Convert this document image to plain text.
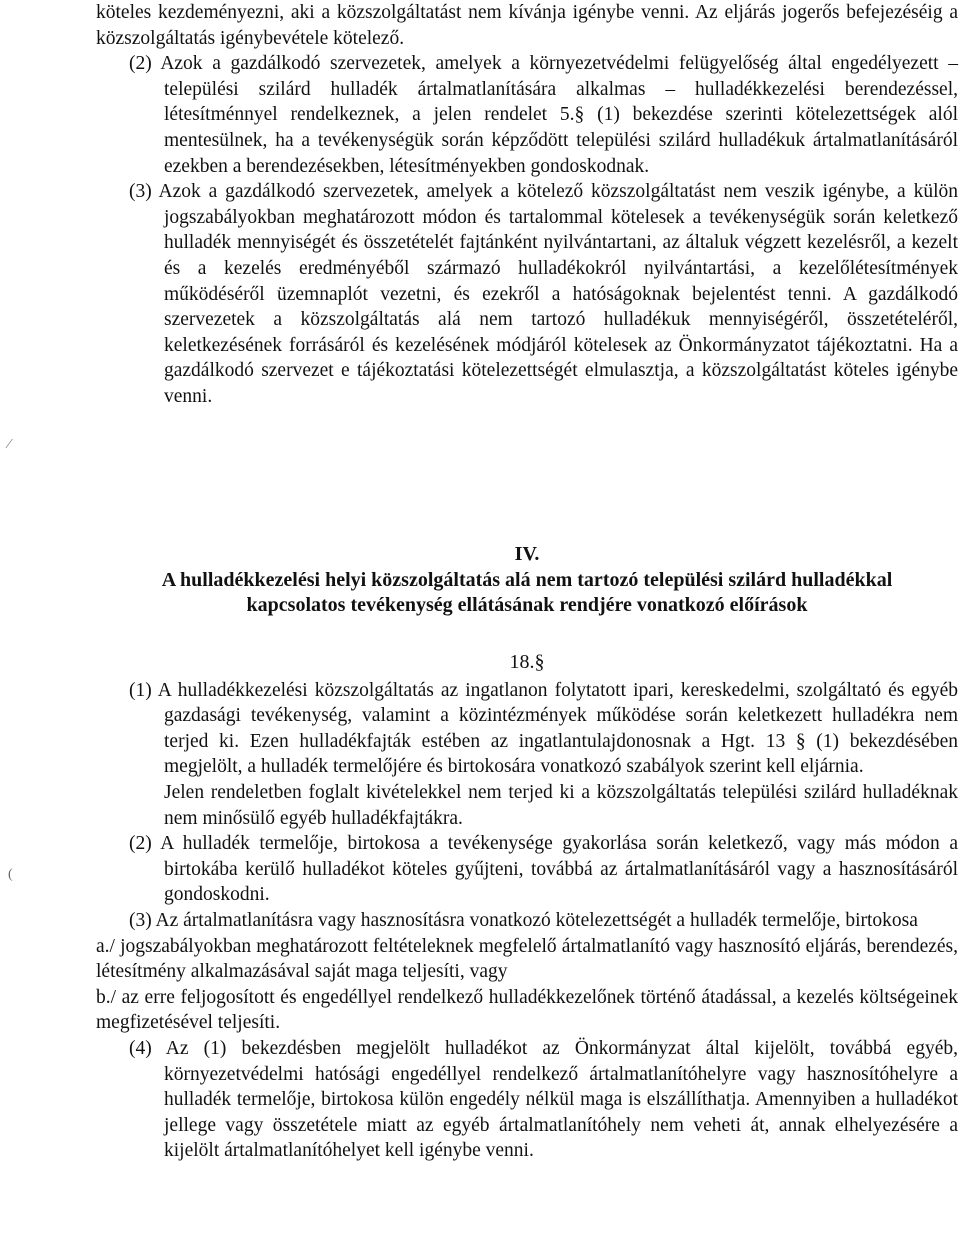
⁄
(

köteles kezdeményezni, aki a közszolgáltatást nem kívánja igénybe venni. Az eljárás jogerős befejezéséig a közszolgáltatás igénybevétele kötelező.

(2) Azok a gazdálkodó szervezetek, amelyek a környezetvédelmi felügyelőség által engedélyezett – települési szilárd hulladék ártalmatlanítására alkalmas – hulladékkezelési berendezéssel, létesítménnyel rendelkeznek, a jelen rendelet 5.§ (1) bekezdése szerinti kötelezettségek alól mentesülnek, ha a tevékenységük során képződött települési szilárd hulladékuk ártalmatlanításáról ezekben a berendezésekben, létesítményekben gondoskodnak.

(3) Azok a gazdálkodó szervezetek, amelyek a kötelező közszolgáltatást nem veszik igénybe, a külön jogszabályokban meghatározott módon és tartalommal kötelesek a tevékenységük során keletkező hulladék mennyiségét és összetételét fajtánként nyilvántartani, az általuk végzett kezelésről, a kezelt és a kezelés eredményéből származó hulladékokról nyilvántartási, a kezelőlétesítmények működéséről üzemnaplót vezetni, és ezekről a hatóságoknak bejelentést tenni. A gazdálkodó szervezetek a közszolgáltatás alá nem tartozó hulladékuk mennyiségéről, összetételéről, keletkezésének forrásáról és kezelésének módjáról kötelesek az Önkormányzatot tájékoztatni. Ha a gazdálkodó szervezet e tájékoztatási kötelezettségét elmulasztja, a közszolgáltatást köteles igénybe venni.

IV.
A hulladékkezelési helyi közszolgáltatás alá nem tartozó települési szilárd hulladékkal kapcsolatos tevékenység ellátásának rendjére vonatkozó előírások
18.§

(1) A hulladékkezelési közszolgáltatás az ingatlanon folytatott ipari, kereskedelmi, szolgáltató és egyéb gazdasági tevékenység, valamint a közintézmények működése során keletkezett hulladékra nem terjed ki. Ezen hulladékfajták estében az ingatlantulajdonosnak a Hgt. 13 § (1) bekezdésében megjelölt, a hulladék termelőjére és birtokosára vonatkozó szabályok szerint kell eljárnia.

Jelen rendeletben foglalt kivételekkel nem terjed ki a közszolgáltatás települési szilárd hulladéknak nem minősülő egyéb hulladékfajtákra.

(2) A hulladék termelője, birtokosa a tevékenysége gyakorlása során keletkező, vagy más módon a birtokába kerülő hulladékot köteles gyűjteni, továbbá az ártalmatlanításáról vagy a hasznosításáról gondoskodni.

(3) Az ártalmatlanításra vagy hasznosításra vonatkozó kötelezettségét a hulladék termelője, birtokosa

a./ jogszabályokban meghatározott feltételeknek megfelelő ártalmatlanító vagy hasznosító eljárás, berendezés, létesítmény alkalmazásával saját maga teljesíti, vagy

b./ az erre feljogosított és engedéllyel rendelkező hulladékkezelőnek történő átadással, a kezelés költségeinek megfizetésével teljesíti.

(4) Az (1) bekezdésben megjelölt hulladékot az Önkormányzat által kijelölt, továbbá egyéb, környezetvédelmi hatósági engedéllyel rendelkező ártalmatlanítóhelyre vagy hasznosítóhelyre a hulladék termelője, birtokosa külön engedély nélkül maga is elszállíthatja. Amennyiben a hulladékot jellege vagy összetétele miatt az egyéb ártalmatlanítóhely nem veheti át, annak elhelyezésére a kijelölt ártalmatlanítóhelyet kell igénybe venni.
